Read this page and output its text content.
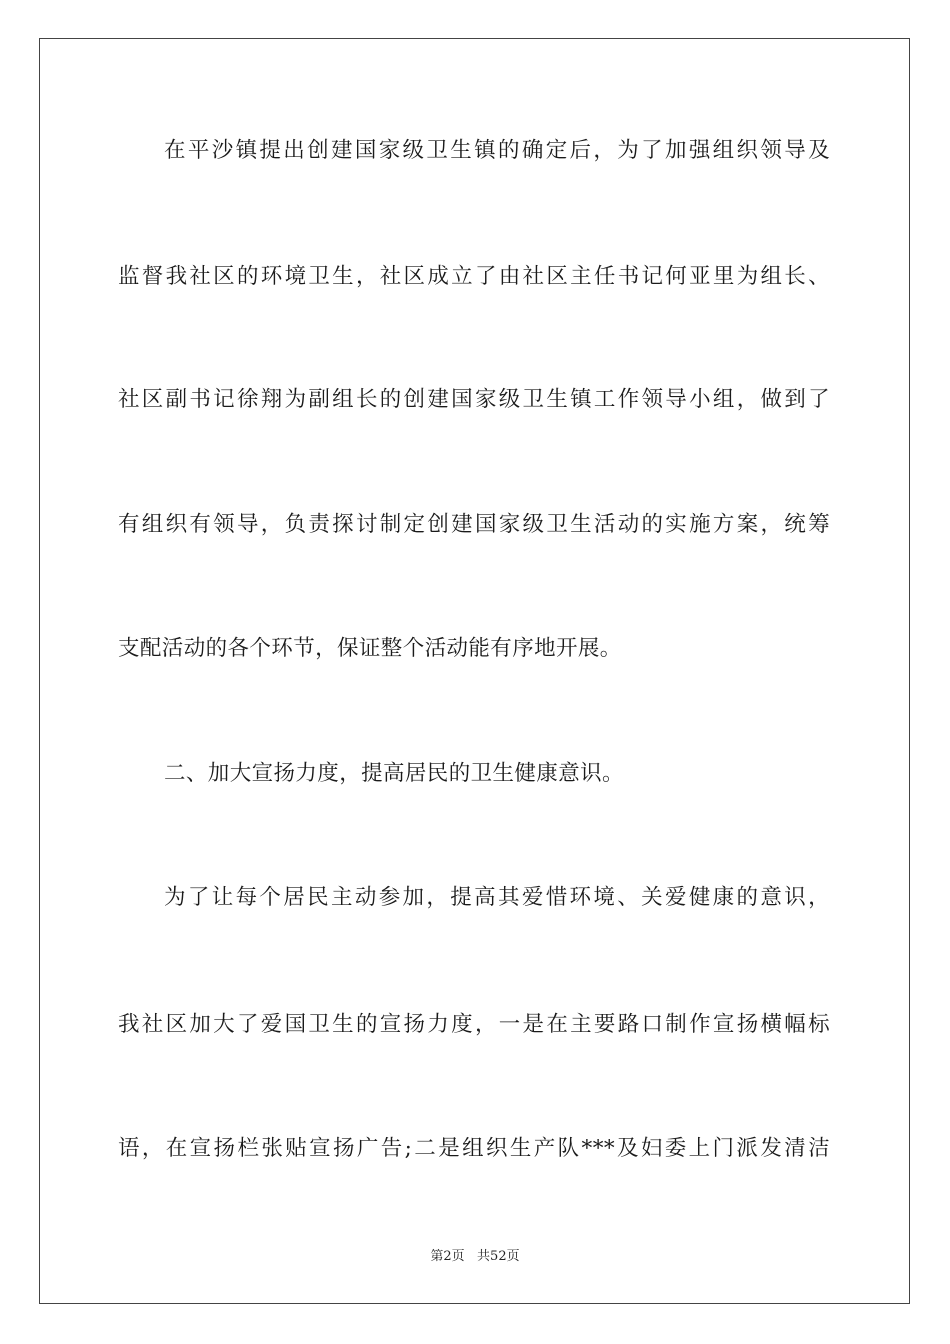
在平沙镇提出创建国家级卫生镇的确定后，为了加强组织领导及
监督我社区的环境卫生，社区成立了由社区主任书记何亚里为组长、
社区副书记徐翔为副组长的创建国家级卫生镇工作领导小组，做到了
有组织有领导，负责探讨制定创建国家级卫生活动的实施方案，统筹
支配活动的各个环节，保证整个活动能有序地开展。
二、加大宣扬力度，提高居民的卫生健康意识。
为了让每个居民主动参加，提高其爱惜环境、关爱健康的意识，
我社区加大了爱国卫生的宣扬力度，一是在主要路口制作宣扬横幅标
语，在宣扬栏张贴宣扬广告;二是组织生产队***及妇委上门派发清洁
第2页   共52页
